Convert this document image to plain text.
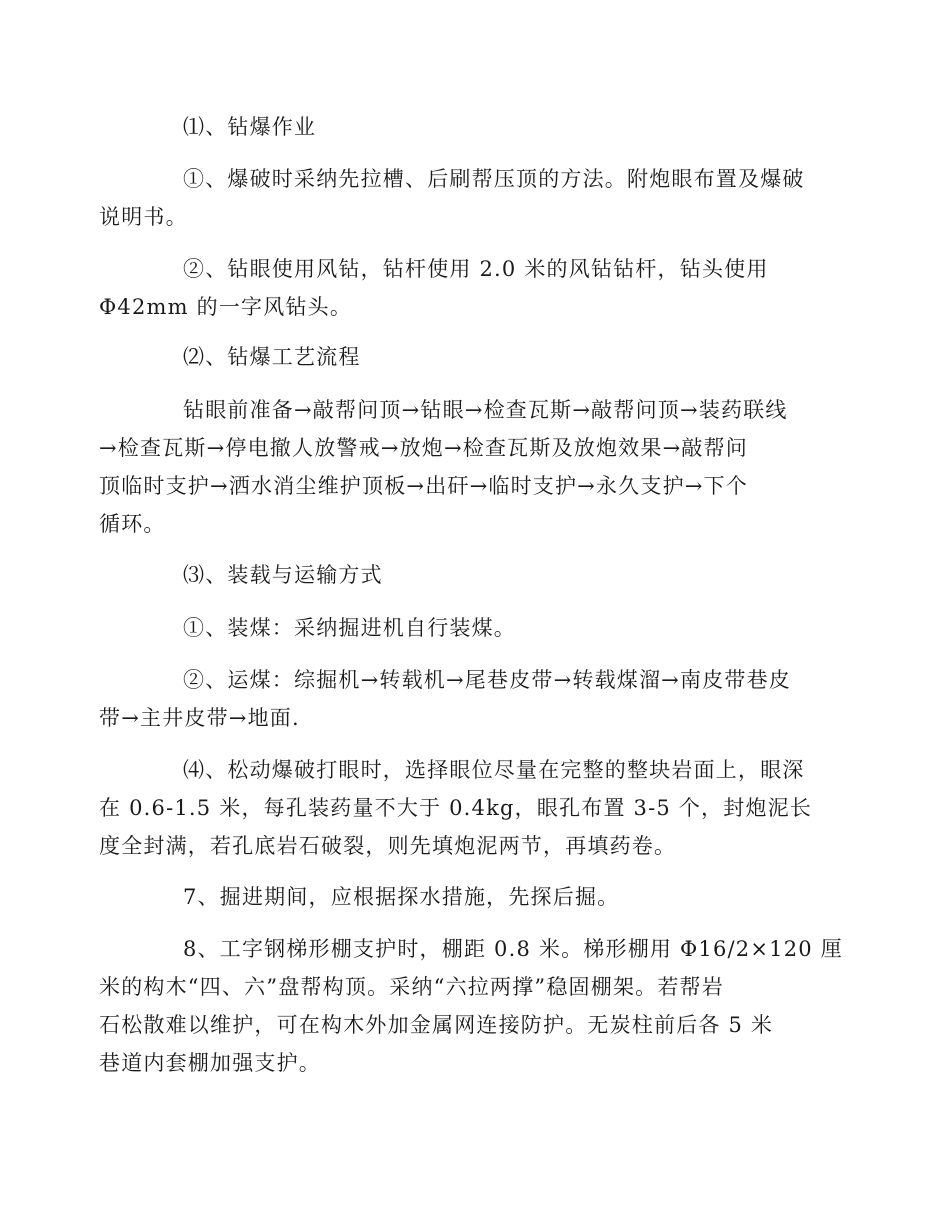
⑴、钻爆作业
①、爆破时采纳先拉槽、后刷帮压顶的方法。附炮眼布置及爆破
说明书。
②、钻眼使用风钻，钻杆使用 2.0 米的风钻钻杆，钻头使用
Φ42mm 的一字风钻头。
⑵、钻爆工艺流程
钻眼前准备→敲帮问顶→钻眼→检查瓦斯→敲帮问顶→装药联线
→检查瓦斯→停电撤人放警戒→放炮→检查瓦斯及放炮效果→敲帮问
顶临时支护→洒水消尘维护顶板→出矸→临时支护→永久支护→下个
循环。
⑶、装载与运输方式
①、装煤：采纳掘进机自行装煤。
②、运煤：综掘机→转载机→尾巷皮带→转载煤溜→南皮带巷皮
带→主井皮带→地面.
⑷、松动爆破打眼时，选择眼位尽量在完整的整块岩面上，眼深
在 0.6-1.5 米，每孔装药量不大于 0.4kg，眼孔布置 3-5 个，封炮泥长
度全封满，若孔底岩石破裂，则先填炮泥两节，再填药卷。
7、掘进期间，应根据探水措施，先探后掘。
8、工字钢梯形棚支护时，棚距 0.8 米。梯形棚用 Φ16/2×120 厘
米的构木“四、六”盘帮构顶。采纳“六拉两撑”稳固棚架。若帮岩
石松散难以维护，可在构木外加金属网连接防护。无炭柱前后各 5 米
巷道内套棚加强支护。
